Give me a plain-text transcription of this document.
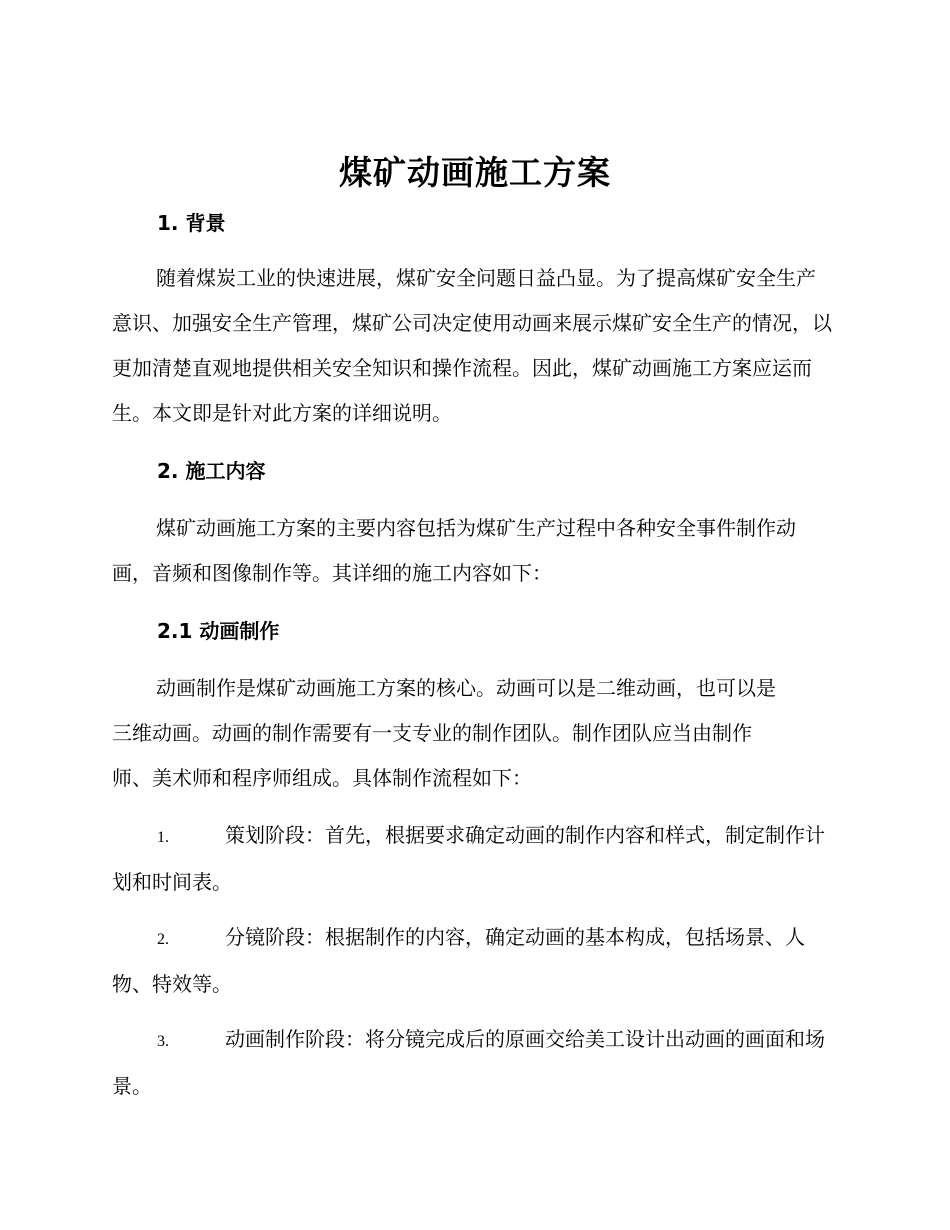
煤矿动画施工方案
1. 背景

随着煤炭工业的快速进展，煤矿安全问题日益凸显。为了提高煤矿安全生产意识、加强安全生产管理，煤矿公司决定使用动画来展示煤矿安全生产的情况，以更加清楚直观地提供相关安全知识和操作流程。因此，煤矿动画施工方案应运而生。本文即是针对此方案的详细说明。

2. 施工内容

煤矿动画施工方案的主要内容包括为煤矿生产过程中各种安全事件制作动画，音频和图像制作等。其详细的施工内容如下：

2.1 动画制作
动画制作是煤矿动画施工方案的核心。动画可以是二维动画，也可以是
三维动画。动画的制作需要有一支专业的制作团队。制作团队应当由制作
师、美术师和程序师组成。具体制作流程如下：

1.	策划阶段：首先，根据要求确定动画的制作内容和样式，制定制作计划和时间表。

2.	分镜阶段：根据制作的内容，确定动画的基本构成，包括场景、人物、特效等。

3.	动画制作阶段：将分镜完成后的原画交给美工设计出动画的画面和场景。
